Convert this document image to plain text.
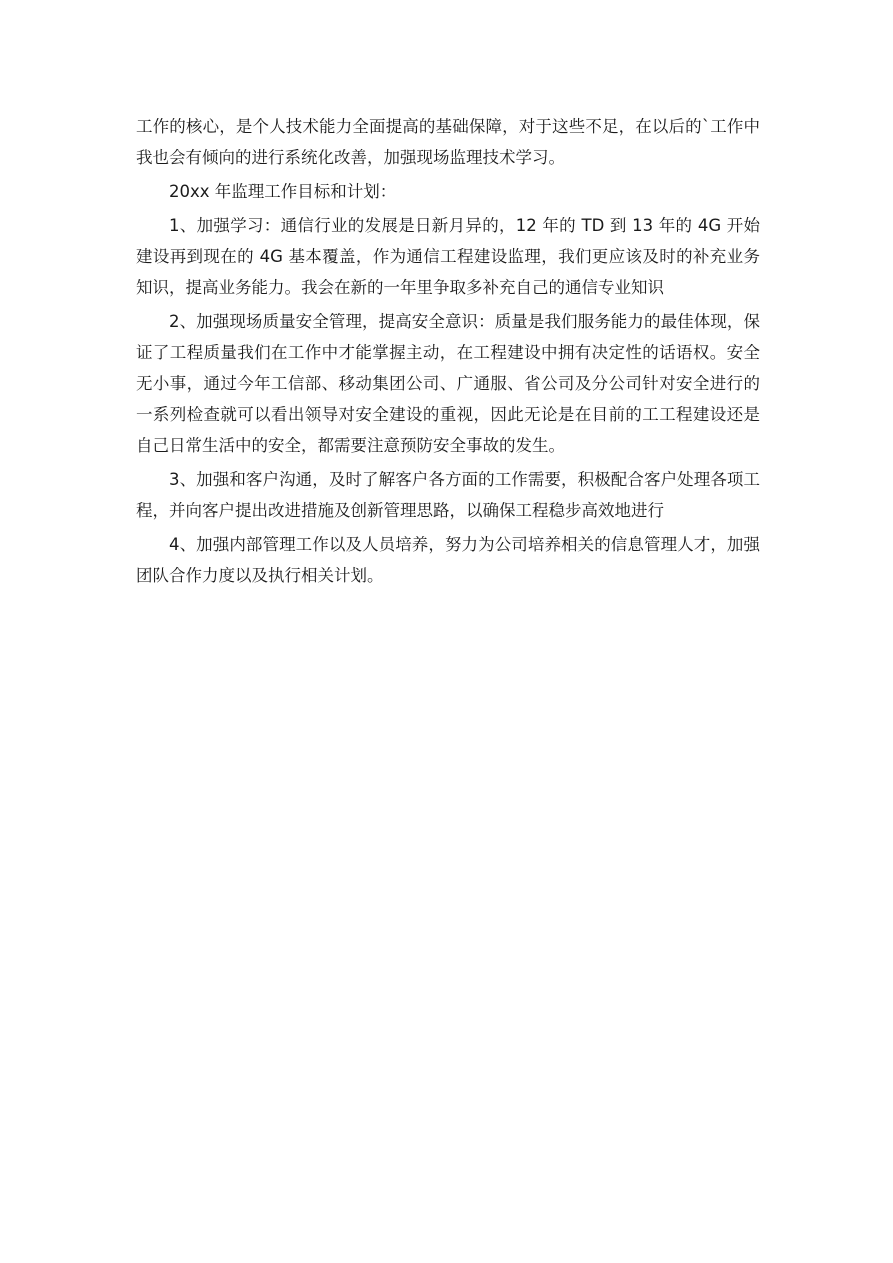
工作的核心，是个人技术能力全面提高的基础保障，对于这些不足，在以后的`工作中我也会有倾向的进行系统化改善，加强现场监理技术学习。

20xx 年监理工作目标和计划：

1、加强学习：通信行业的发展是日新月异的，12 年的 TD 到 13 年的 4G 开始建设再到现在的 4G 基本覆盖，作为通信工程建设监理，我们更应该及时的补充业务知识，提高业务能力。我会在新的一年里争取多补充自己的通信专业知识

2、加强现场质量安全管理，提高安全意识：质量是我们服务能力的最佳体现，保证了工程质量我们在工作中才能掌握主动，在工程建设中拥有决定性的话语权。安全无小事，通过今年工信部、移动集团公司、广通服、省公司及分公司针对安全进行的一系列检查就可以看出领导对安全建设的重视，因此无论是在目前的工工程建设还是自己日常生活中的安全，都需要注意预防安全事故的发生。

3、加强和客户沟通，及时了解客户各方面的工作需要，积极配合客户处理各项工程，并向客户提出改进措施及创新管理思路，以确保工程稳步高效地进行

4、加强内部管理工作以及人员培养，努力为公司培养相关的信息管理人才，加强团队合作力度以及执行相关计划。
